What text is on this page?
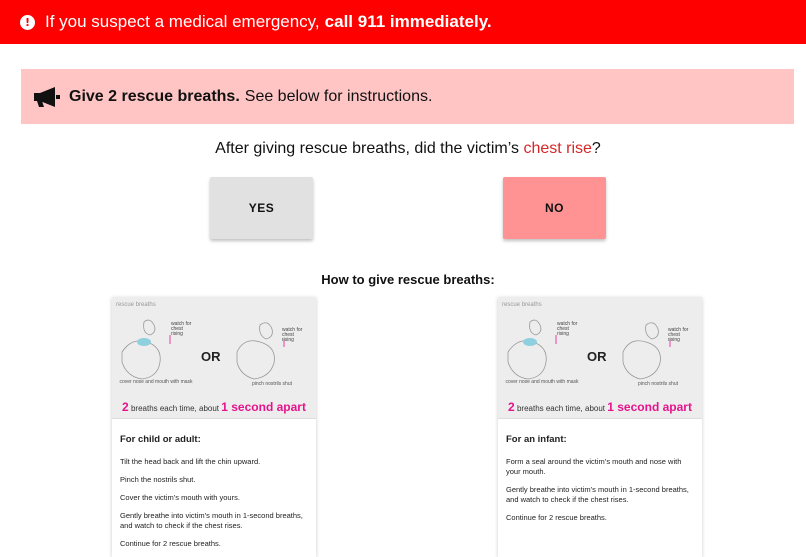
! If you suspect a medical emergency, call 911 immediately.
Give 2 rescue breaths. See below for instructions.
After giving rescue breaths, did the victim’s chest rise?
YES	NO
How to give rescue breaths:
rescue breaths
watch for chest rising
watch for chest rising
OR
cover nose and mouth with mask	pinch nostrils shut
2 breaths each time, about 1 second apart
For child or adult:

Tilt the head back and lift the chin upward.

Pinch the nostrils shut.

Cover the victim’s mouth with yours.

Gently breathe into victim’s mouth in 1-second breaths, and watch to check if the chest rises.

Continue for 2 rescue breaths.

rescue breaths
watch for chest rising
watch for chest rising
OR
cover nose and mouth with mask	pinch nostrils shut
2 breaths each time, about 1 second apart
For an infant:

Form a seal around the victim’s mouth and nose with your mouth.

Gently breathe into victim’s mouth in 1-second breaths, and watch to check if the chest rises.

Continue for 2 rescue breaths.
